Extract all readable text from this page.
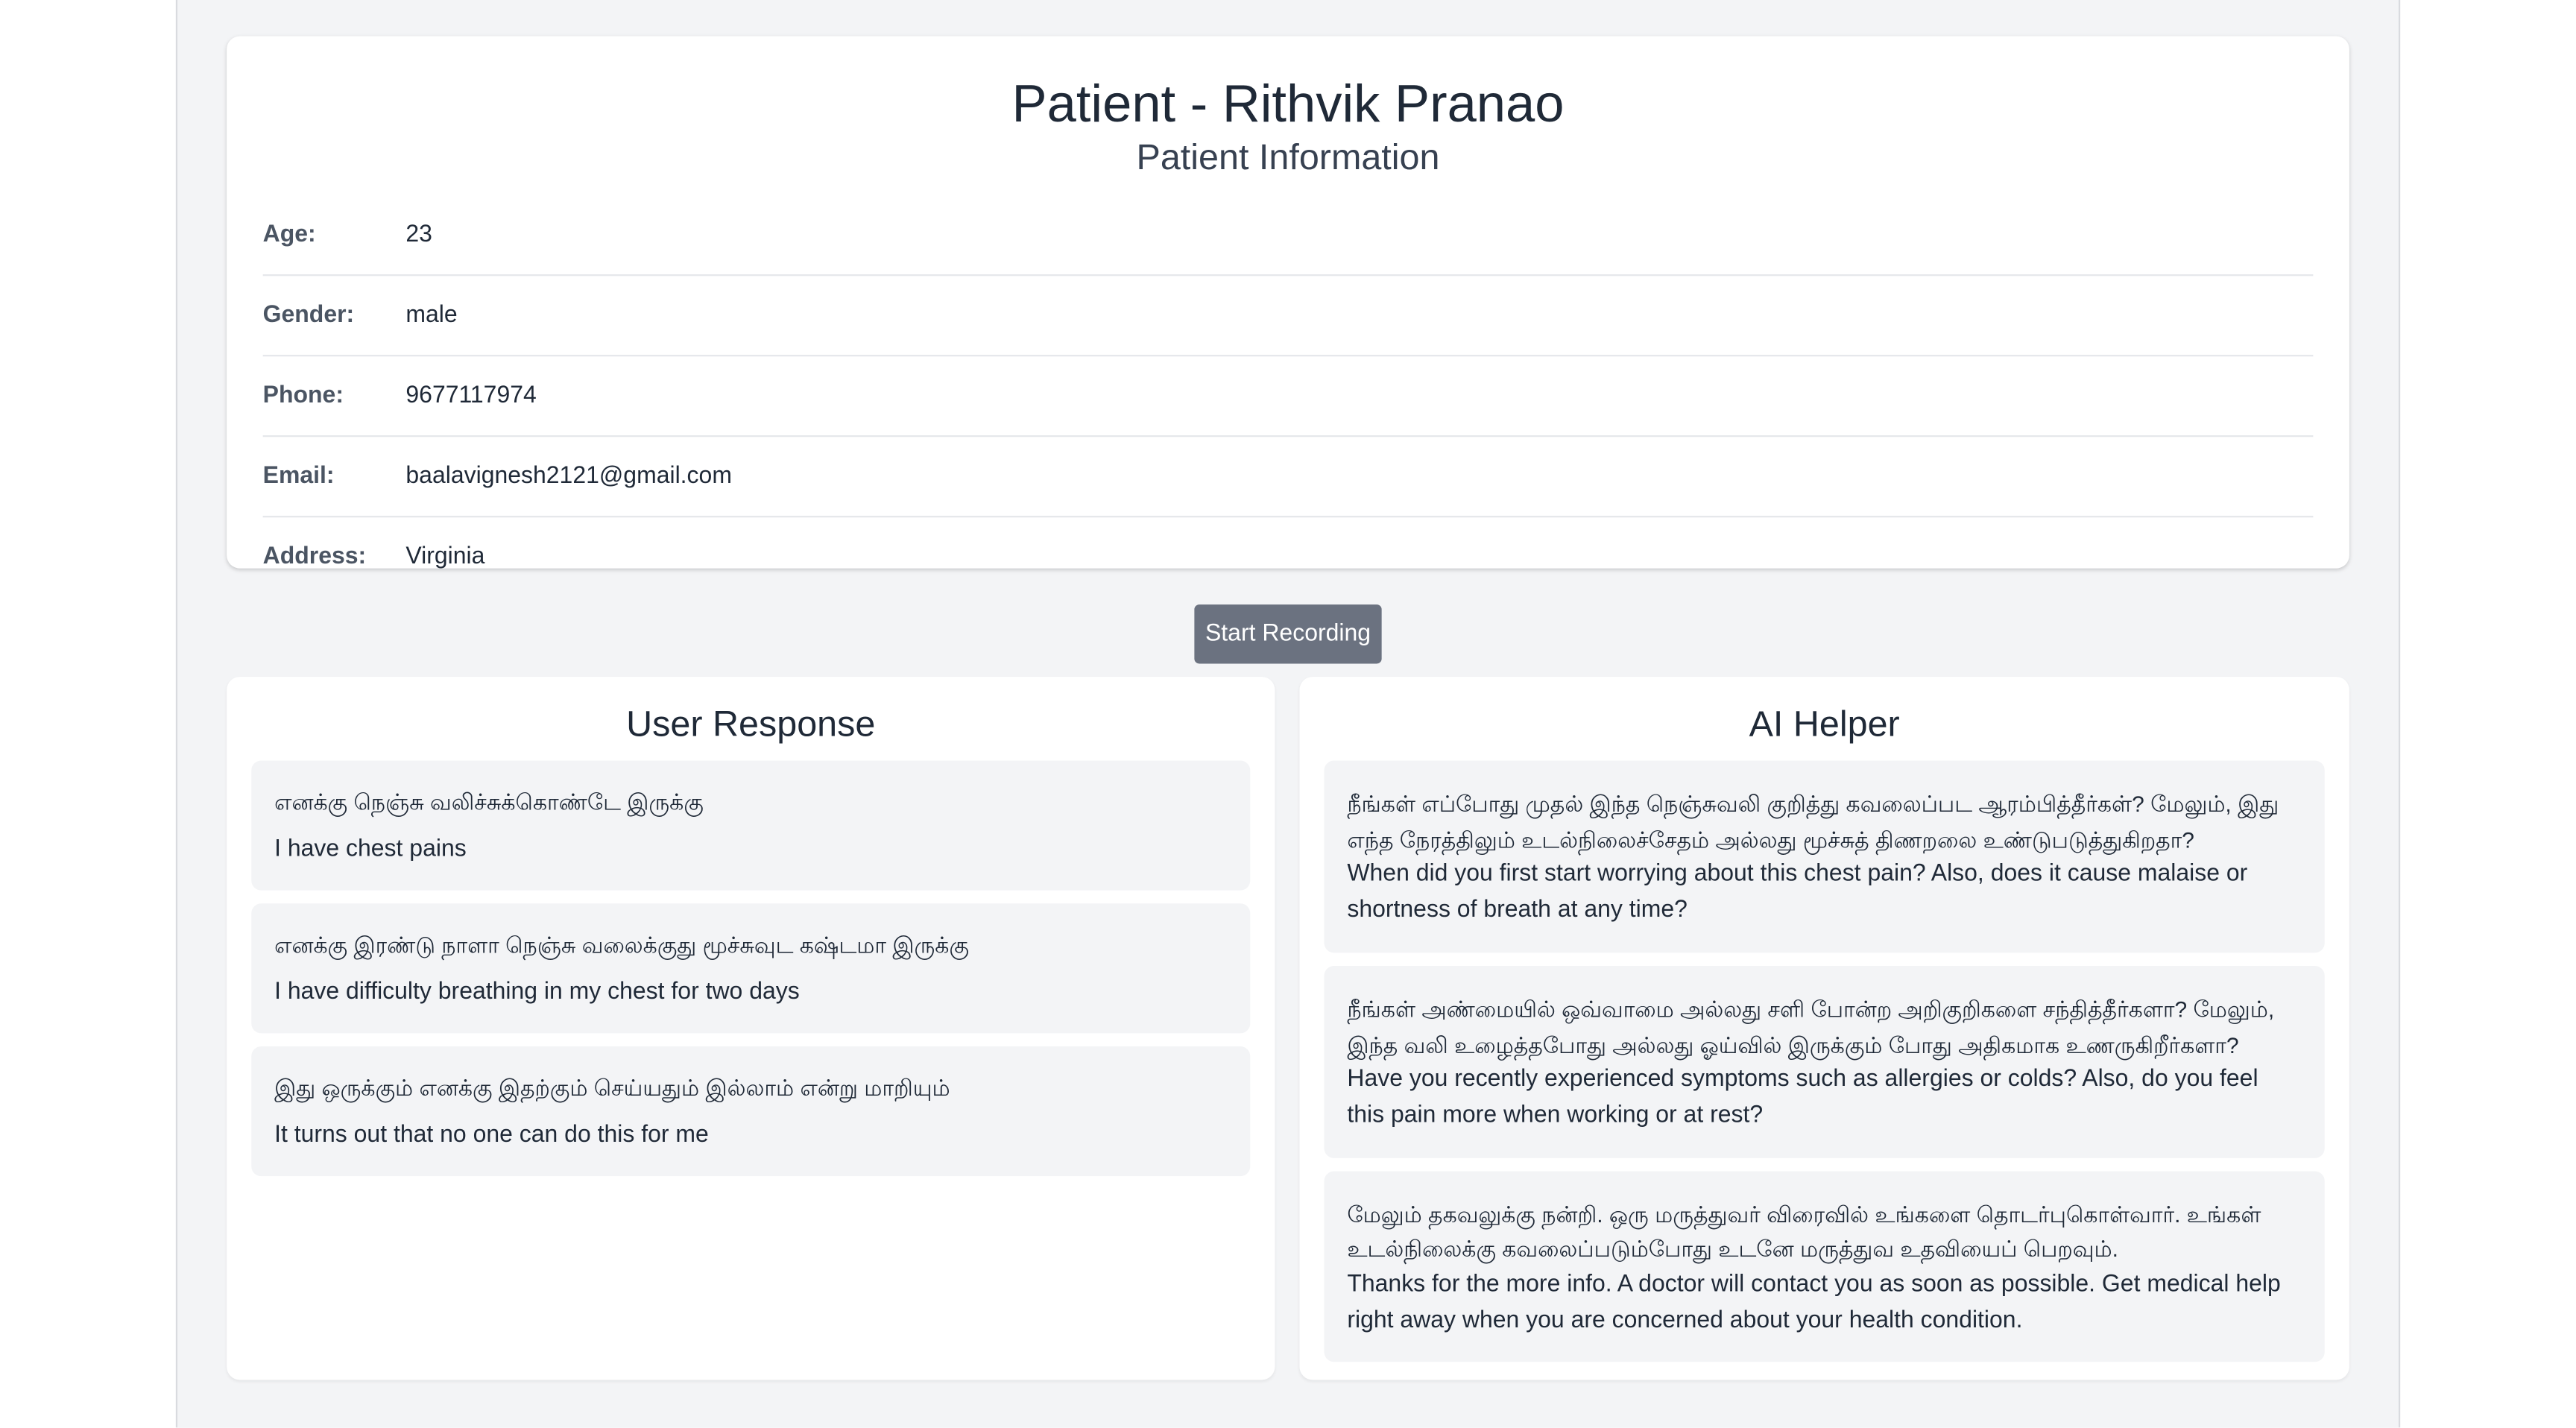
Patient - Rithvik Pranao
Patient Information
Age:	23
Gender:	male
Phone:	9677117974
Email:	baalavignesh2121@gmail.com
Address:	Virginia
Start Recording
User Response
எனக்கு நெஞ்சு வலிச்சுக்கொண்டே இருக்கு
I have chest pains
எனக்கு இரண்டு நாளா நெஞ்சு வலைக்குது மூச்சுவுட கஷ்டமா இருக்கு
I have difficulty breathing in my chest for two days
இது ஒருக்கும் எனக்கு இதற்கும் செய்யதும் இல்லாம் என்று மாறியும்
It turns out that no one can do this for me
AI Helper
நீங்கள் எப்போது முதல் இந்த நெஞ்சுவலி குறித்து கவலைப்பட ஆரம்பித்தீர்கள்? மேலும், இது எந்த நேரத்திலும் உடல்நிலைச்சேதம் அல்லது மூச்சுத் திணறலை உண்டுபடுத்துகிறதா?
When did you first start worrying about this chest pain? Also, does it cause malaise or shortness of breath at any time?
நீங்கள் அண்மையில் ஒவ்வாமை அல்லது சளி போன்ற அறிகுறிகளை சந்தித்தீர்களா? மேலும், இந்த வலி உழைத்தபோது அல்லது ஓய்வில் இருக்கும் போது அதிகமாக உணருகிறீர்களா?
Have you recently experienced symptoms such as allergies or colds? Also, do you feel this pain more when working or at rest?
மேலும் தகவலுக்கு நன்றி. ஒரு மருத்துவர் விரைவில் உங்களை தொடர்புகொள்வார். உங்கள் உடல்நிலைக்கு கவலைப்படும்போது உடனே மருத்துவ உதவியைப் பெறவும்.
Thanks for the more info. A doctor will contact you as soon as possible. Get medical help right away when you are concerned about your health condition.
